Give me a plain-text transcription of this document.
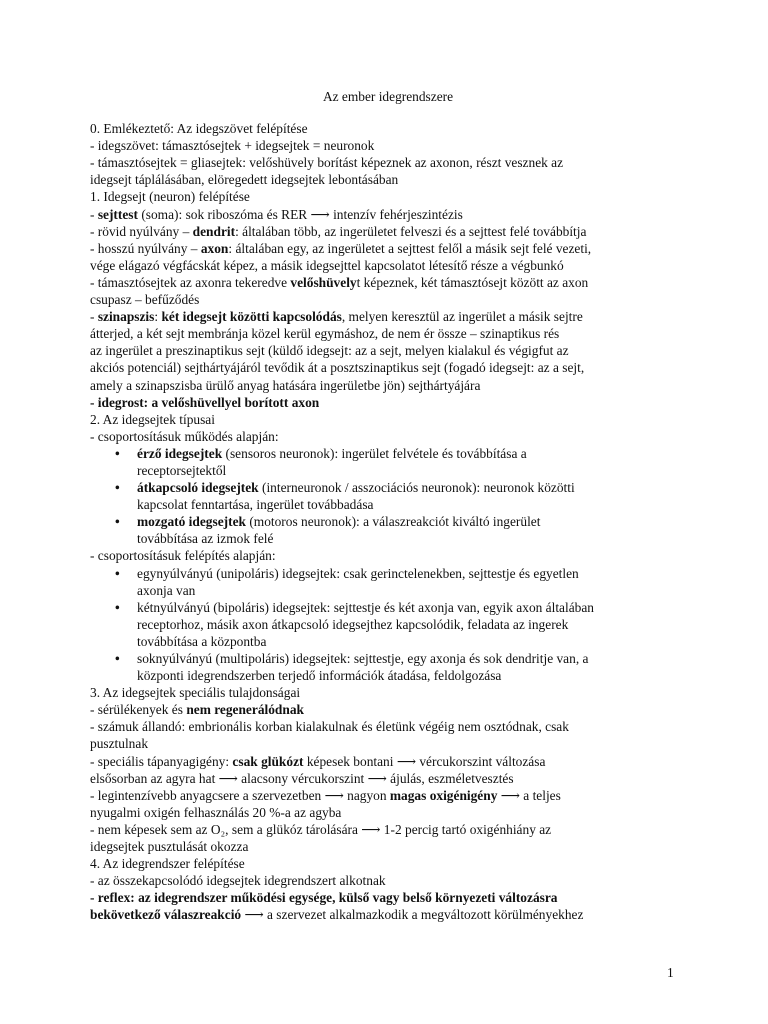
Az ember idegrendszere

0. Emlékeztető: Az idegszövet felépítése

- idegszövet: támasztósejtek + idegsejtek = neuronok

- támasztósejtek = gliasejtek: velőshüvely borítást képeznek az axonon, részt vesznek az

idegsejt táplálásában, elöregedett idegsejtek lebontásában

1. Idegsejt (neuron) felépítése

- sejttest (soma): sok riboszóma és RER ⟶ intenzív fehérjeszintézis

- rövid nyúlvány – dendrit: általában több, az ingerületet felveszi és a sejttest felé továbbítja

- hosszú nyúlvány – axon: általában egy, az ingerületet a sejttest felől a másik sejt felé vezeti,

vége elágazó végfácskát képez, a másik idegsejttel kapcsolatot létesítő része a végbunkó

- támasztósejtek az axonra tekeredve velőshüvelyt képeznek, két támasztósejt között az axon

csupasz – befűződés

- szinapszis: két idegsejt közötti kapcsolódás, melyen keresztül az ingerület a másik sejtre

átterjed, a két sejt membránja közel kerül egymáshoz, de nem ér össze – szinaptikus rés

az ingerület a preszinaptikus sejt (küldő idegsejt: az a sejt, melyen kialakul és végigfut az

akciós potenciál) sejthártyájáról tevődik át a posztszinaptikus sejt (fogadó idegsejt: az a sejt,

amely a szinapszisba ürülő anyag hatására ingerületbe jön) sejthártyájára

- idegrost: a velőshüvellyel borított axon

2. Az idegsejtek típusai

- csoportosításuk működés alapján:

• érző idegsejtek (sensoros neuronok): ingerület felvétele és továbbítása a
receptorsejtektől
• átkapcsoló idegsejtek (interneuronok / asszociációs neuronok): neuronok közötti
kapcsolat fenntartása, ingerület továbbadása
• mozgató idegsejtek (motoros neuronok): a válaszreakciót kiváltó ingerület
továbbítása az izmok felé

- csoportosításuk felépítés alapján:

• egynyúlványú (unipoláris) idegsejtek: csak gerinctelenekben, sejttestje és egyetlen
axonja van
• kétnyúlványú (bipoláris) idegsejtek: sejttestje és két axonja van, egyik axon általában
receptorhoz, másik axon átkapcsoló idegsejthez kapcsolódik, feladata az ingerek
továbbítása a központba
• soknyúlványú (multipoláris) idegsejtek: sejttestje, egy axonja és sok dendritje van, a
központi idegrendszerben terjedő információk átadása, feldolgozása

3. Az idegsejtek speciális tulajdonságai

- sérülékenyek és nem regenerálódnak

- számuk állandó: embrionális korban kialakulnak és életünk végéig nem osztódnak, csak

pusztulnak

- speciális tápanyagigény: csak glükózt képesek bontani ⟶ vércukorszint változása

elsősorban az agyra hat ⟶ alacsony vércukorszint ⟶ ájulás, eszméletvesztés

- legintenzívebb anyagcsere a szervezetben ⟶ nagyon magas oxigénigény ⟶ a teljes

nyugalmi oxigén felhasználás 20 %-a az agyba

- nem képesek sem az O₂, sem a glükóz tárolására ⟶ 1-2 percig tartó oxigénhiány az

idegsejtek pusztulását okozza

4. Az idegrendszer felépítése

- az összekapcsolódó idegsejtek idegrendszert alkotnak

- reflex: az idegrendszer működési egysége, külső vagy belső környezeti változásra

bekövetkező válaszreakció ⟶ a szervezet alkalmazkodik a megváltozott körülményekhez

1
